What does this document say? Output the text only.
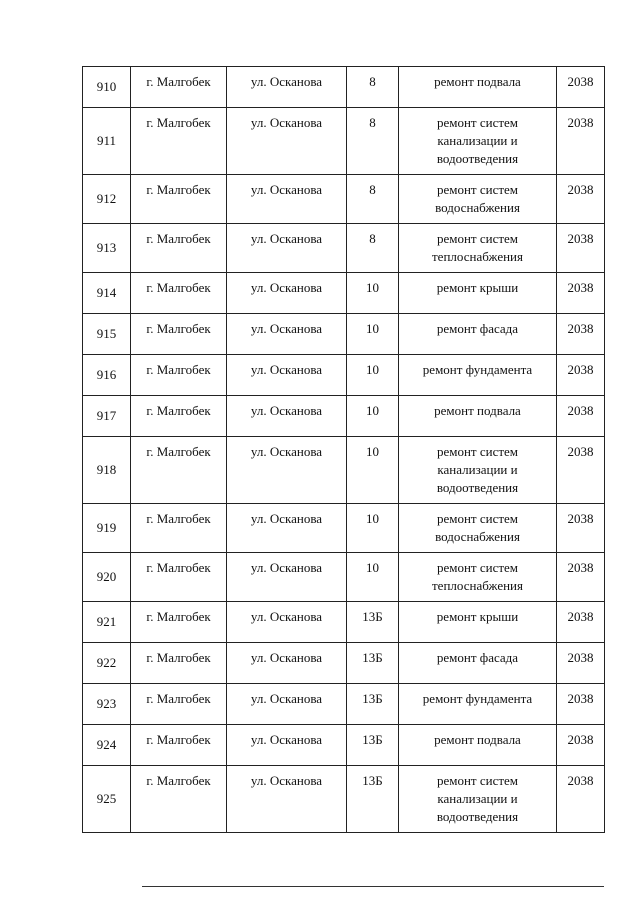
910	г. Малгобек	ул. Осканова	8	ремонт подвала	2038
911	г. Малгобек	ул. Осканова	8	ремонт систем
канализации и
водоотведения	2038
912	г. Малгобек	ул. Осканова	8	ремонт систем
водоснабжения	2038
913	г. Малгобек	ул. Осканова	8	ремонт систем
теплоснабжения	2038
914	г. Малгобек	ул. Осканова	10	ремонт крыши	2038
915	г. Малгобек	ул. Осканова	10	ремонт фасада	2038
916	г. Малгобек	ул. Осканова	10	ремонт фундамента	2038
917	г. Малгобек	ул. Осканова	10	ремонт подвала	2038
918	г. Малгобек	ул. Осканова	10	ремонт систем
канализации и
водоотведения	2038
919	г. Малгобек	ул. Осканова	10	ремонт систем
водоснабжения	2038
920	г. Малгобек	ул. Осканова	10	ремонт систем
теплоснабжения	2038
921	г. Малгобек	ул. Осканова	13Б	ремонт крыши	2038
922	г. Малгобек	ул. Осканова	13Б	ремонт фасада	2038
923	г. Малгобек	ул. Осканова	13Б	ремонт фундамента	2038
924	г. Малгобек	ул. Осканова	13Б	ремонт подвала	2038
925	г. Малгобек	ул. Осканова	13Б	ремонт систем
канализации и
водоотведения	2038
